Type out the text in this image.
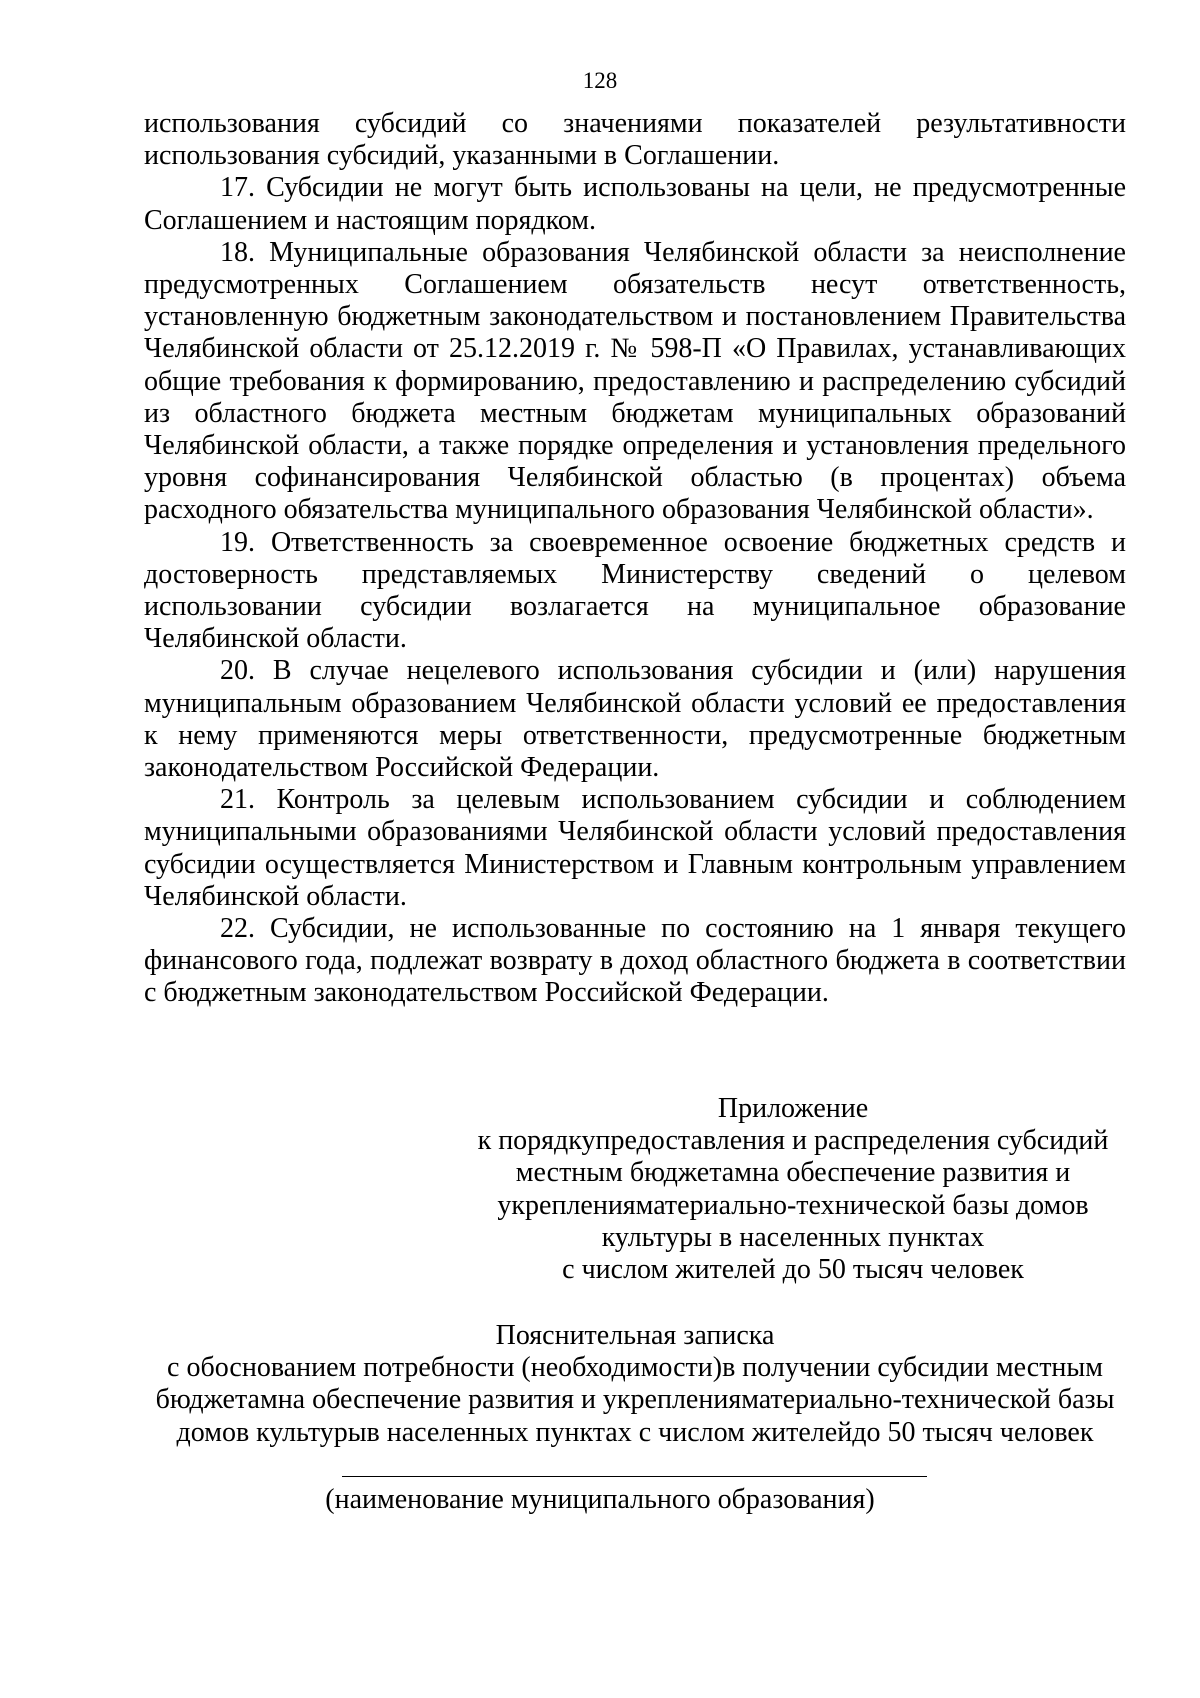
128

использования субсидий со значениями показателей результативности использования субсидий, указанными в Соглашении.

17. Субсидии не могут быть использованы на цели, не предусмотренные Соглашением и настоящим порядком.

18. Муниципальные образования Челябинской области за неисполнение предусмотренных Соглашением обязательств несут ответственность, установленную бюджетным законодательством и постановлением Правительства Челябинской области от 25.12.2019 г. № 598-П «О Правилах, устанавливающих общие требования к формированию, предоставлению и распределению субсидий из областного бюджета местным бюджетам муниципальных образований Челябинской области, а также порядке определения и установления предельного уровня софинансирования Челябинской областью (в процентах) объема расходного обязательства муниципального образования Челябинской области».

19. Ответственность за своевременное освоение бюджетных средств и достоверность представляемых Министерству сведений о целевом использовании субсидии возлагается на муниципальное образование Челябинской области.

20. В случае нецелевого использования субсидии и (или) нарушения муниципальным образованием Челябинской области условий ее предоставления к нему применяются меры ответственности, предусмотренные бюджетным законодательством Российской Федерации.

21. Контроль за целевым использованием субсидии и соблюдением муниципальными образованиями Челябинской области условий предоставления субсидии осуществляется Министерством и Главным контрольным управлением Челябинской области.

22. Субсидии, не использованные по состоянию на 1 января текущего финансового года, подлежат возврату в доход областного бюджета в соответствии с бюджетным законодательством Российской Федерации.

Приложение

к порядкупредоставления и распределения субсидий

местным бюджетамна обеспечение развития и

укреплениям​атериально-технической базы домов

культуры в населенных пунктах

с числом жителей до 50 тысяч человек

Пояснительная записка

с обоснованием потребности (необходимости)в получении субсидии местным

бюджетамна обеспечение развития и укреплениям​атериально-технической базы

домов культурыв населенных пунктах с числом жителейдо 50 тысяч человек

(наименование муниципального образования)
